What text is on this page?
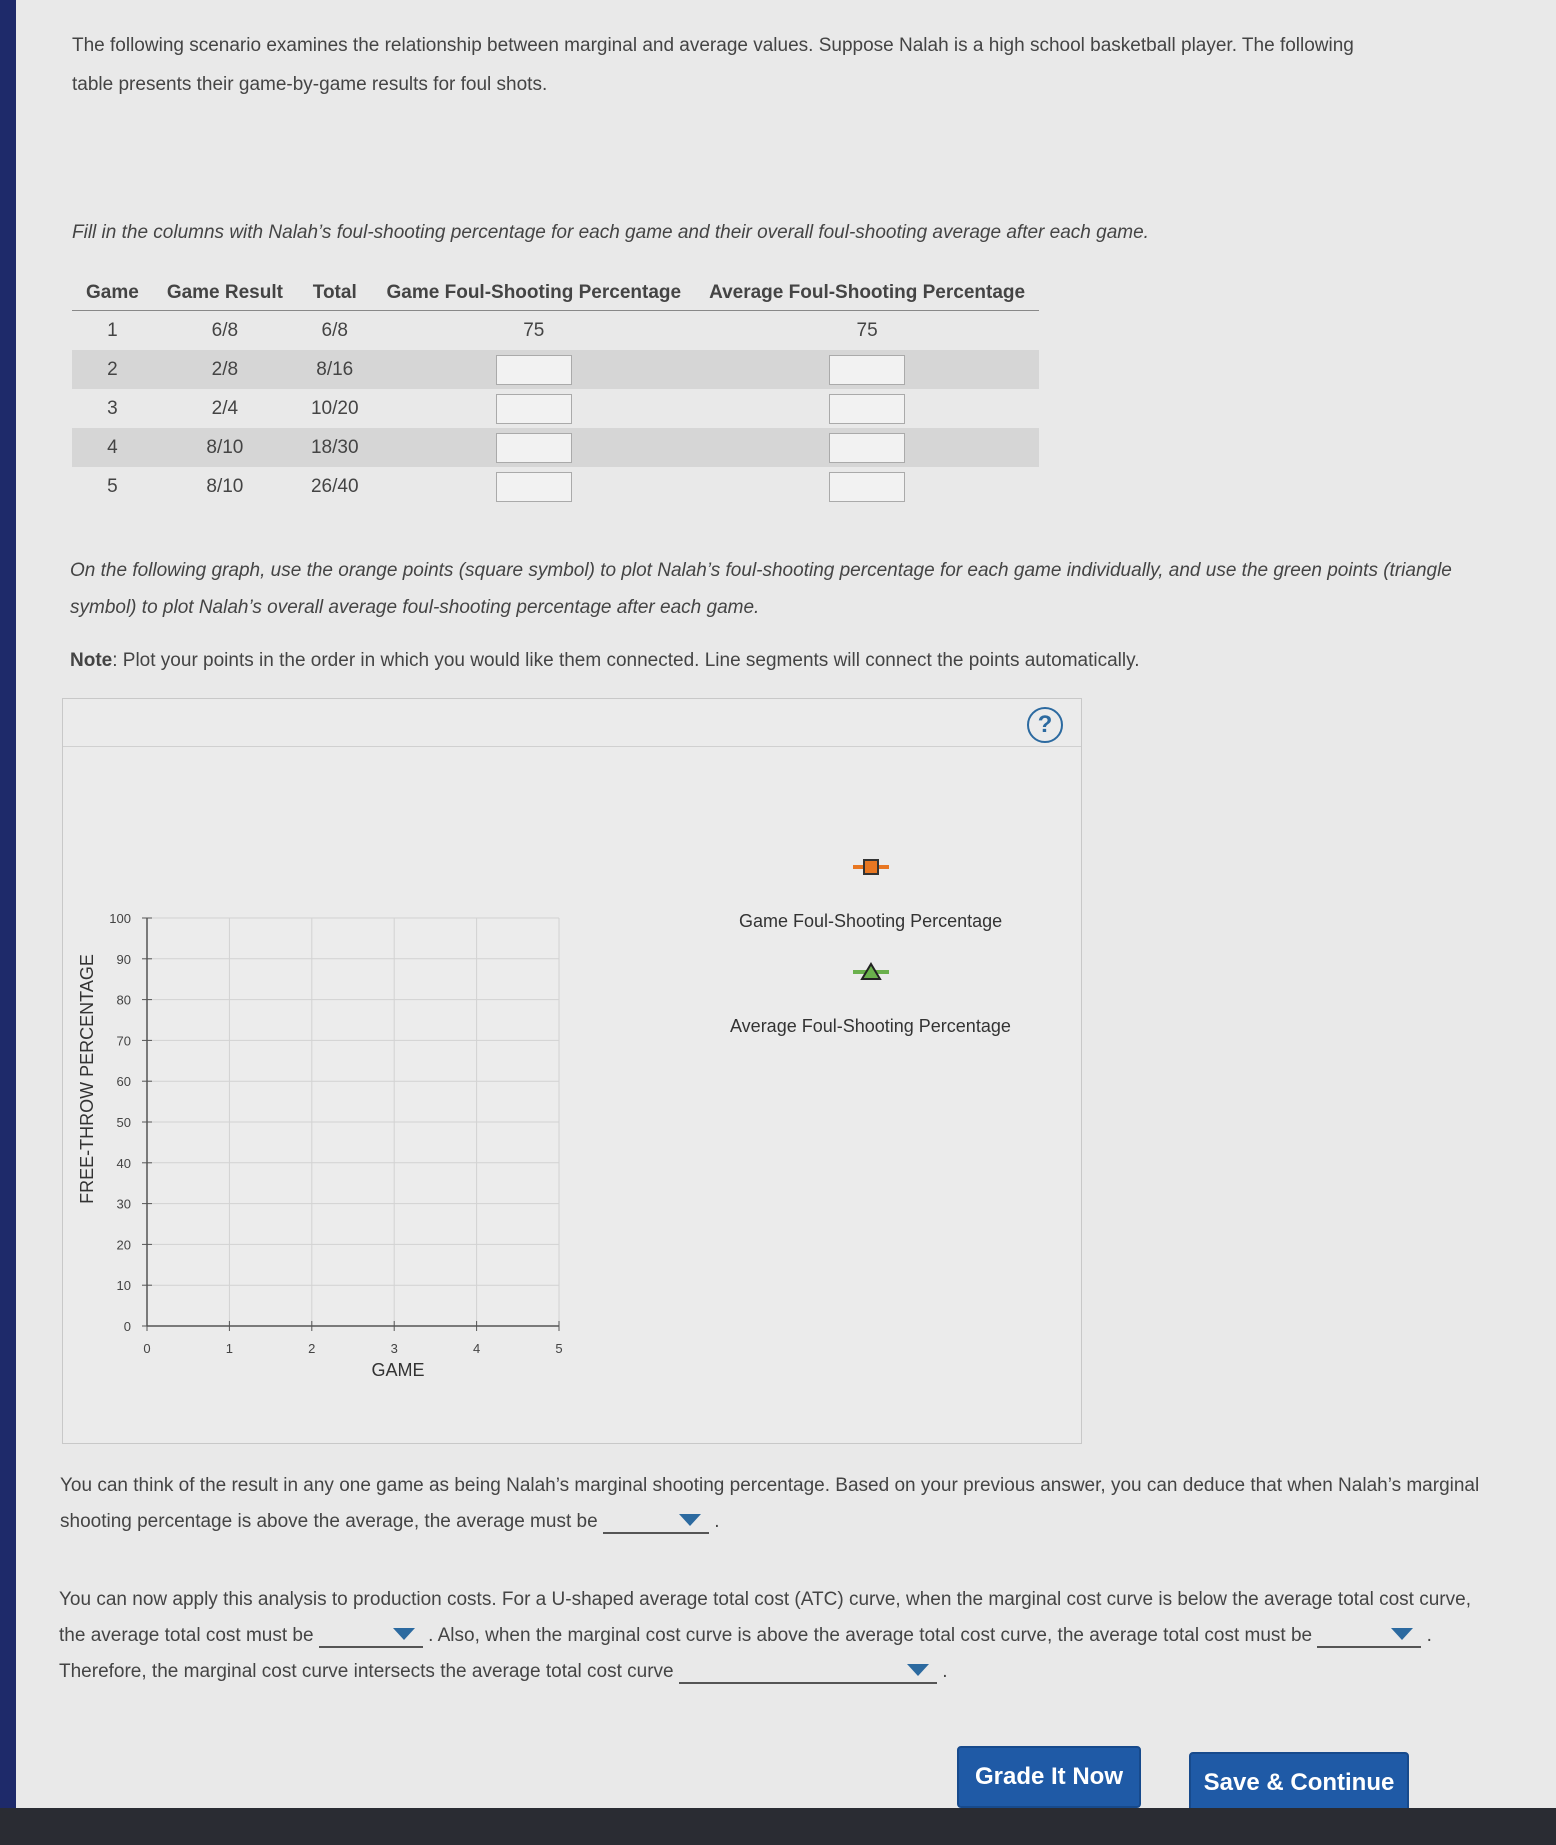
The following scenario examines the relationship between marginal and average values. Suppose Nalah is a high school basketball player. The following table presents their game-by-game results for foul shots.

Fill in the columns with Nalah’s foul-shooting percentage for each game and their overall foul-shooting average after each game.

Game	Game Result	Total	Game Foul-Shooting Percentage	Average Foul-Shooting Percentage
1	6/8	6/8	75	75
2	2/8	8/16		
3	2/4	10/20		
4	8/10	18/30		
5	8/10	26/40		

On the following graph, use the orange points (square symbol) to plot Nalah’s foul-shooting percentage for each game individually, and use the green points (triangle symbol) to plot Nalah’s overall average foul-shooting percentage after each game.

Note: Plot your points in the order in which you would like them connected. Line segments will connect the points automatically.

?
0
10
20
30
40
50
60
70
80
90
100
0	1	2	3	4	5
GAME
FREE-THROW PERCENTAGE
Game Foul-Shooting Percentage
Average Foul-Shooting Percentage

You can think of the result in any one game as being Nalah’s marginal shooting percentage. Based on your previous answer, you can deduce that when Nalah’s marginal shooting percentage is above the average, the average must be	.

You can now apply this analysis to production costs. For a U-shaped average total cost (ATC) curve, when the marginal cost curve is below the average total cost curve, the average total cost must be	. Also, when the marginal cost curve is above the average total cost curve, the average total cost must be	. Therefore, the marginal cost curve intersects the average total cost curve	.

Grade It Now	Save & Continue
